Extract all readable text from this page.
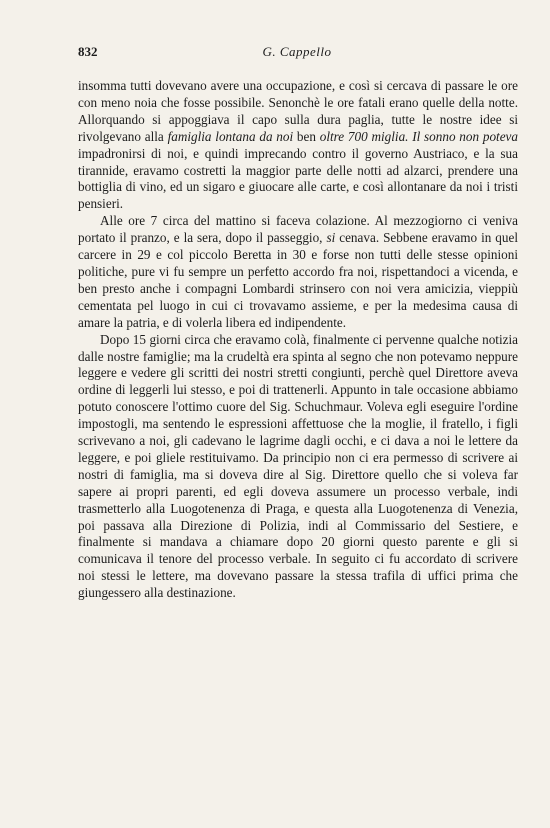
832	G. Cappello

insomma tutti dovevano avere una occupazione, e così si cercava di passare le ore con meno noia che fosse possibile. Senonchè le ore fatali erano quelle della notte. Allorquando si appoggiava il capo sulla dura paglia, tutte le nostre idee si rivolgevano alla famiglia lontana da noi ben oltre 700 miglia. Il sonno non poteva impadronirsi di noi, e quindi imprecando contro il governo Austriaco, e la sua tirannide, eravamo costretti la maggior parte delle notti ad alzarci, prendere una bottiglia di vino, ed un sigaro e giuocare alle carte, e così allontanare da noi i tristi pensieri.

Alle ore 7 circa del mattino si faceva colazione. Al mezzogiorno ci veniva portato il pranzo, e la sera, dopo il passeggio, si cenava. Sebbene eravamo in quel carcere in 29 e col piccolo Beretta in 30 e forse non tutti delle stesse opinioni politiche, pure vi fu sempre un perfetto accordo fra noi, rispettandoci a vicenda, e ben presto anche i compagni Lombardi strinsero con noi vera amicizia, vieppiù cementata pel luogo in cui ci trovavamo assieme, e per la medesima causa di amare la patria, e di volerla libera ed indipendente.

Dopo 15 giorni circa che eravamo colà, finalmente ci pervenne qualche notizia dalle nostre famiglie; ma la crudeltà era spinta al segno che non potevamo neppure leggere e vedere gli scritti dei nostri stretti congiunti, perchè quel Direttore aveva ordine di leggerli lui stesso, e poi di trattenerli. Appunto in tale occasione abbiamo potuto conoscere l'ottimo cuore del Sig. Schuchmaur. Voleva egli eseguire l'ordine impostogli, ma sentendo le espressioni affettuose che la moglie, il fratello, i figli scrivevano a noi, gli cadevano le lagrime dagli occhi, e ci dava a noi le lettere da leggere, e poi gliele restituivamo. Da principio non ci era permesso di scrivere ai nostri di famiglia, ma si doveva dire al Sig. Direttore quello che si voleva far sapere ai propri parenti, ed egli doveva assumere un processo verbale, indi trasmetterlo alla Luogotenenza di Praga, e questa alla Luogotenenza di Venezia, poi passava alla Direzione di Polizia, indi al Commissario del Sestiere, e finalmente si mandava a chiamare dopo 20 giorni questo parente e gli si comunicava il tenore del processo verbale. In seguito ci fu accordato di scrivere noi stessi le lettere, ma dovevano passare la stessa trafila di uffici prima che giungessero alla destinazione.
